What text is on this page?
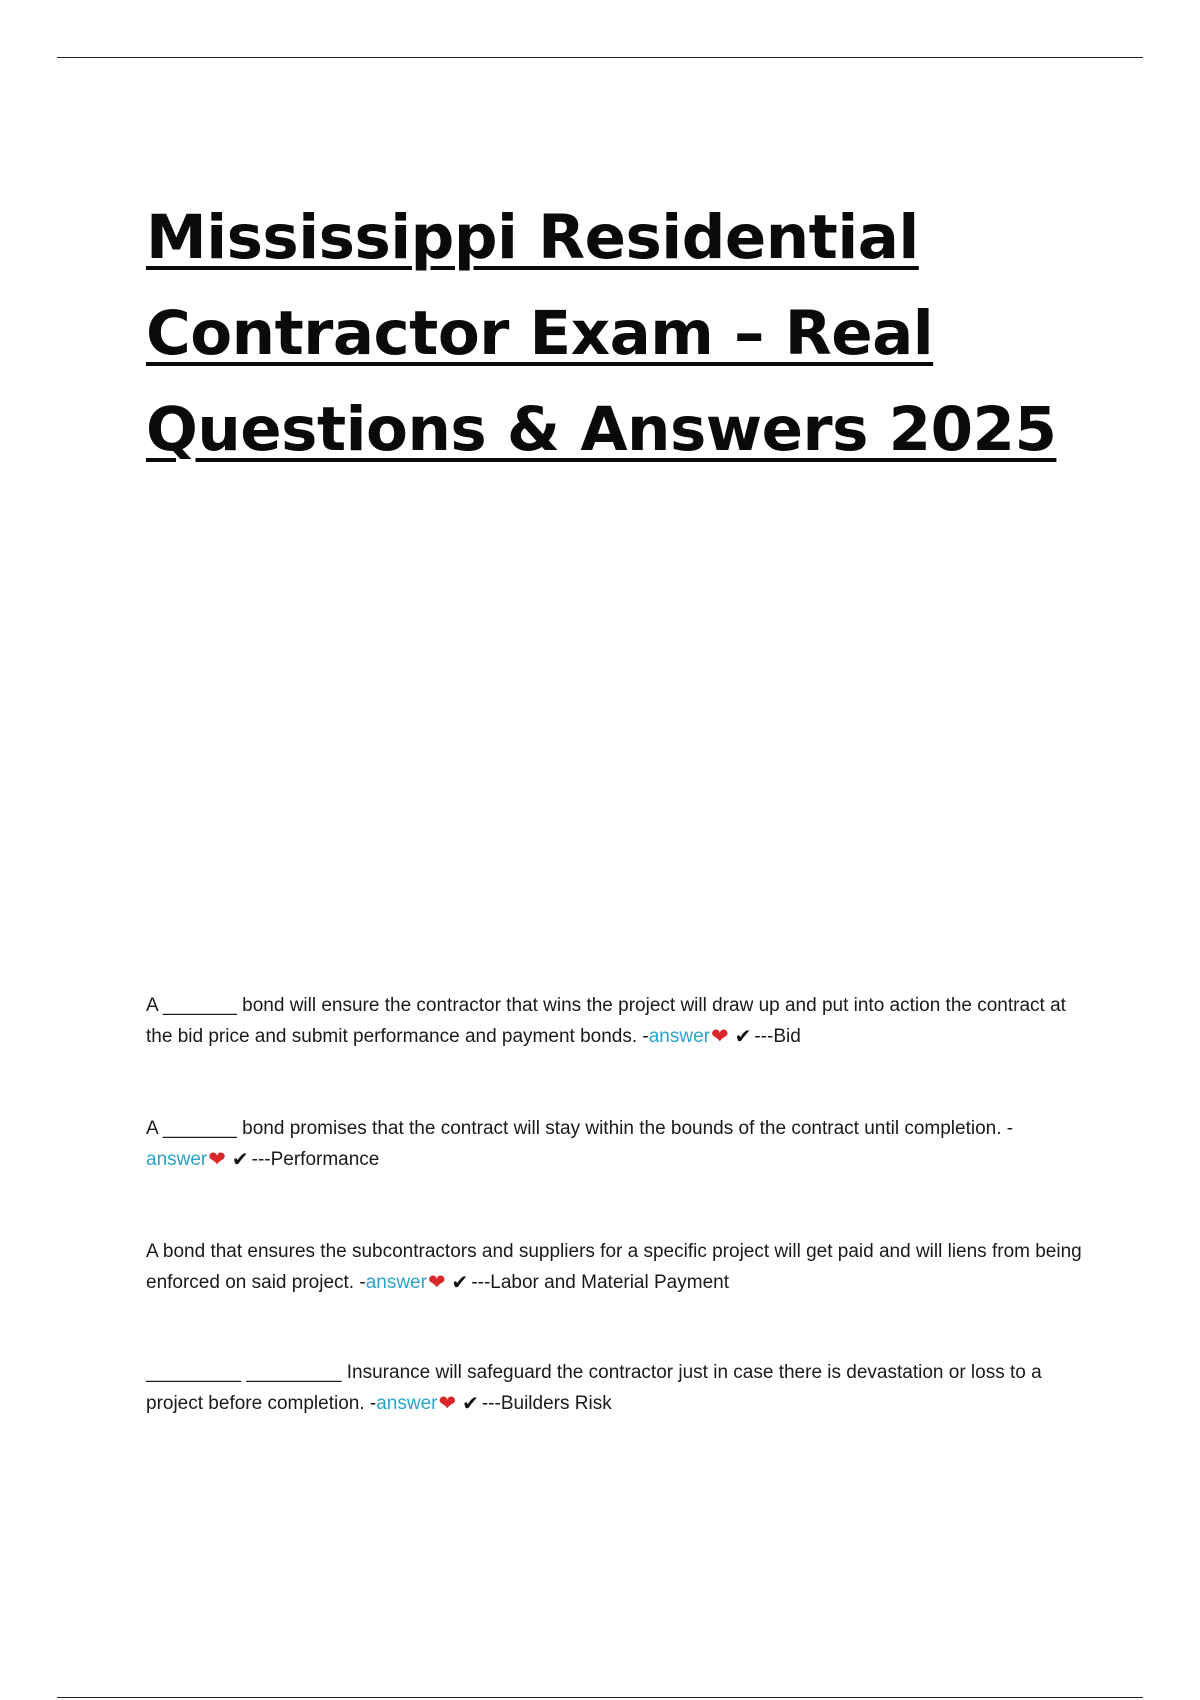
Mississippi Residential
Contractor Exam – Real
Questions & Answers 2025

A _______ bond will ensure the contractor that wins the project will draw up and put into action the contract at the bid price and submit performance and payment bonds. -answer❤ ✔ ---Bid

A _______ bond promises that the contract will stay within the bounds of the contract until completion. -
answer❤ ✔ ---Performance

A bond that ensures the subcontractors and suppliers for a specific project will get paid and will liens from being enforced on said project. -answer❤ ✔ ---Labor and Material Payment

_________ _________ Insurance will safeguard the contractor just in case there is devastation or loss to a project before completion. -answer❤ ✔ ---Builders Risk
